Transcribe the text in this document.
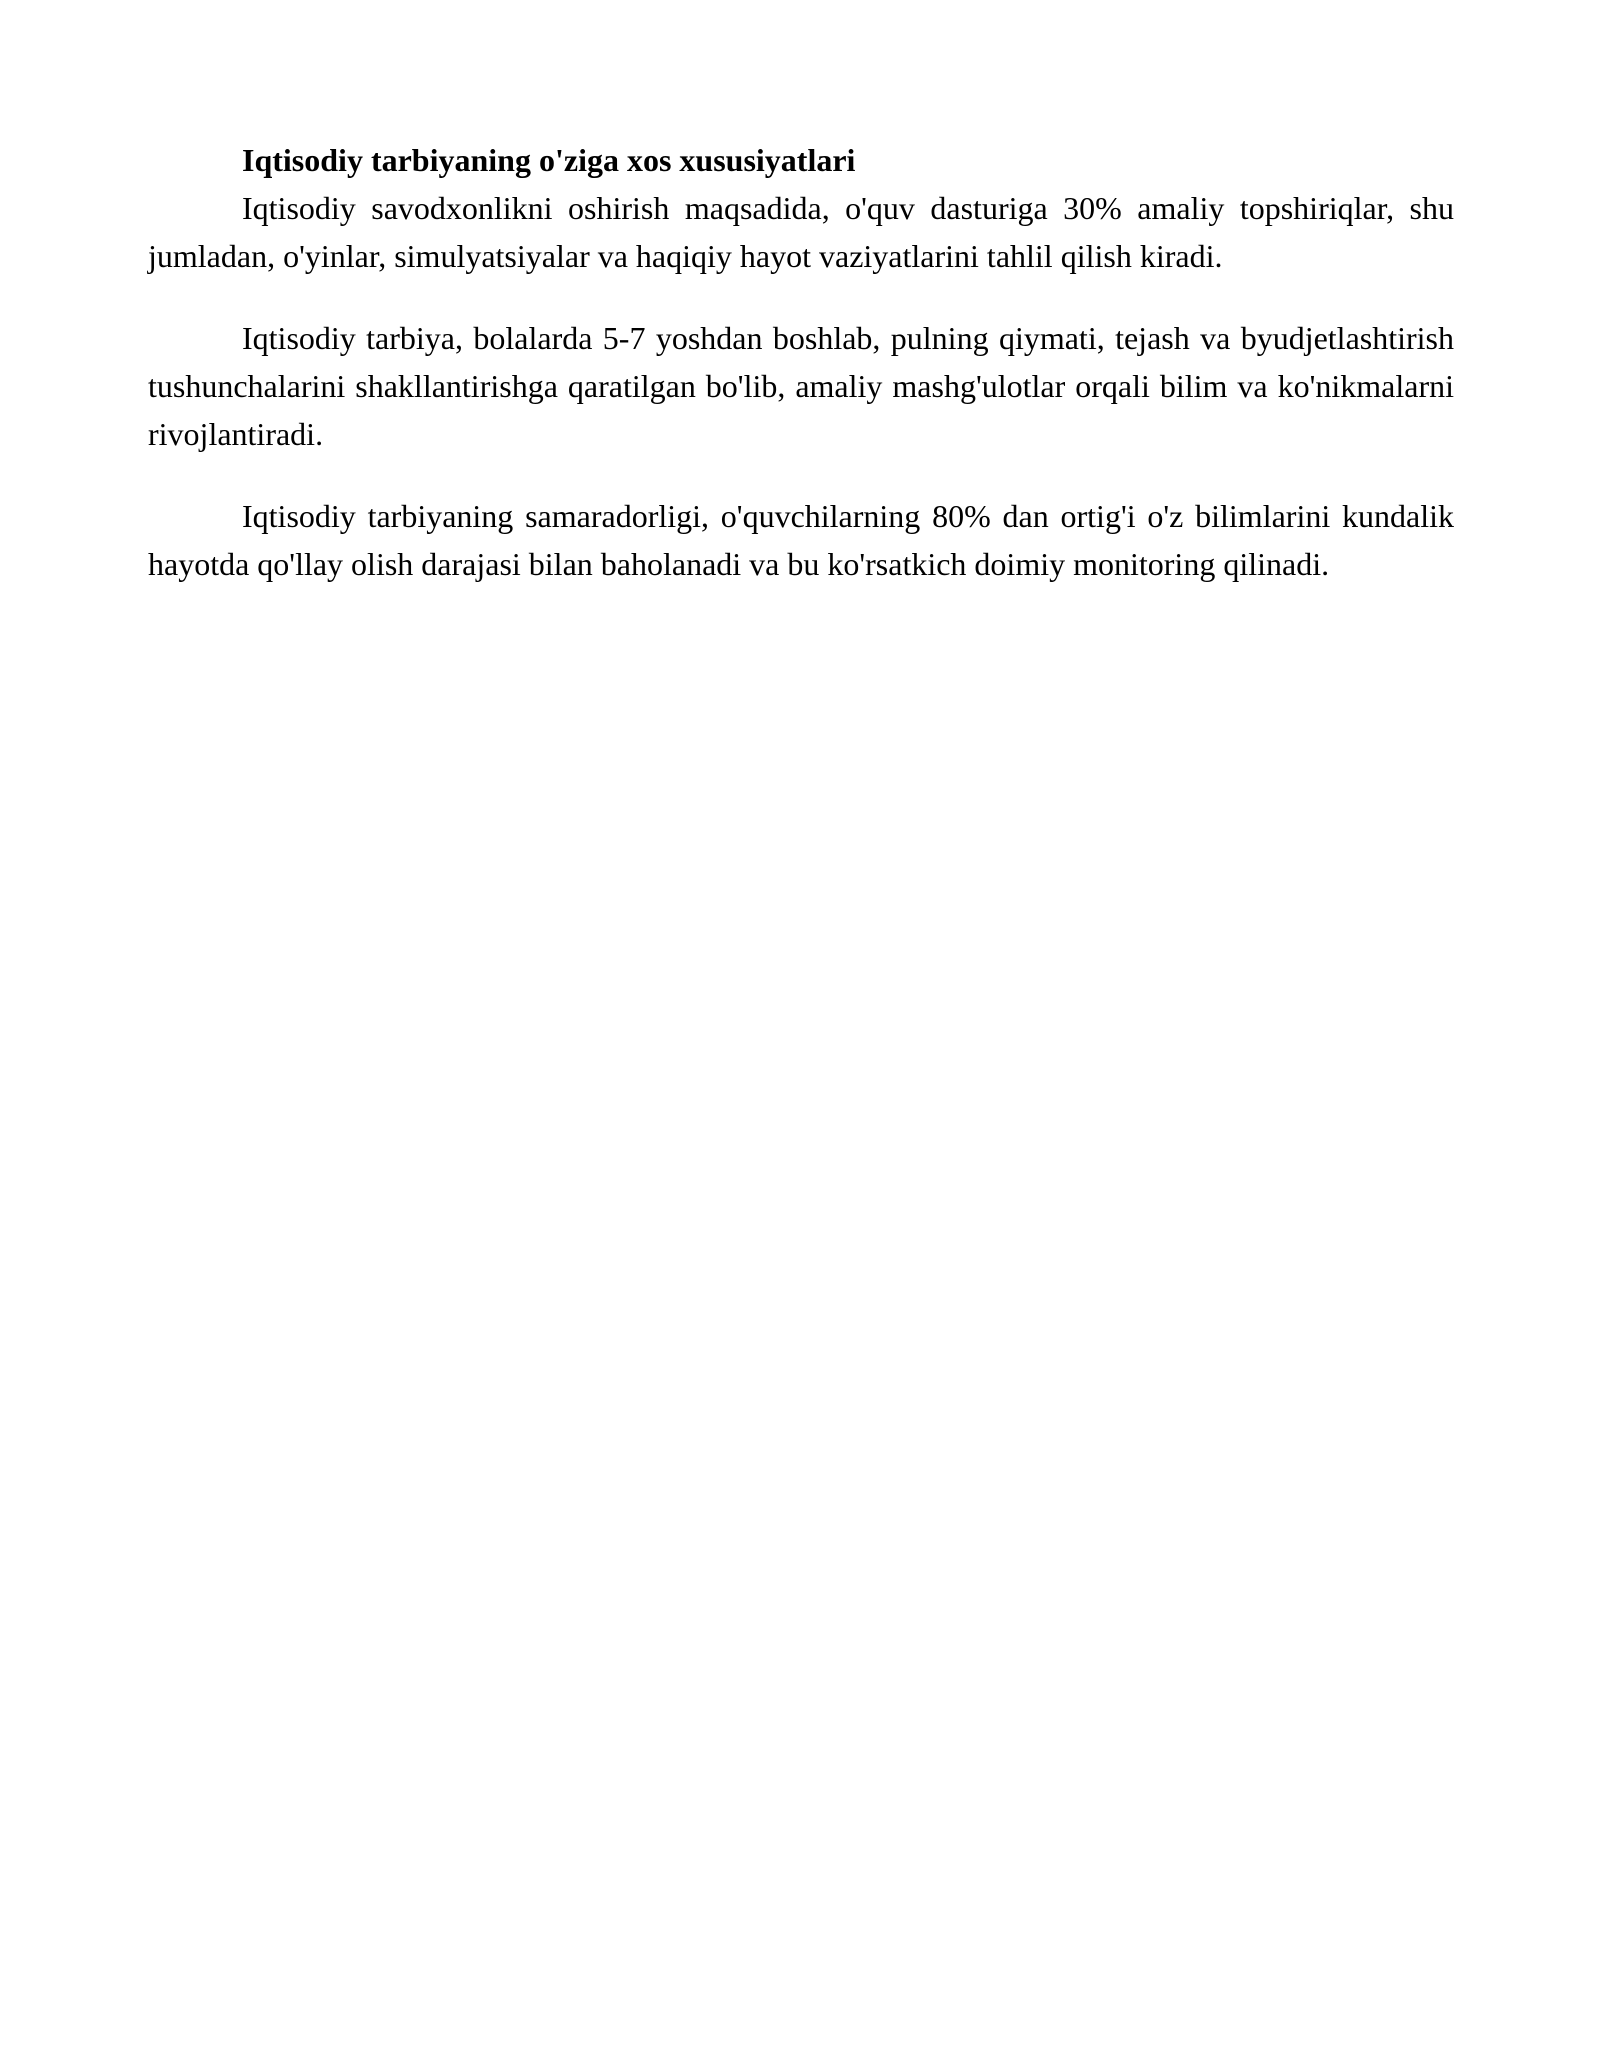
Iqtisodiy tarbiyaning o'ziga xos xususiyatlari

Iqtisodiy savodxonlikni oshirish maqsadida, o'quv dasturiga 30% amaliy topshiriqlar, shu jumladan, o'yinlar, simulyatsiyalar va haqiqiy hayot vaziyatlarini tahlil qilish kiradi.

Iqtisodiy tarbiya, bolalarda 5-7 yoshdan boshlab, pulning qiymati, tejash va byudjetlashtirish tushunchalarini shakllantirishga qaratilgan bo'lib, amaliy mashg'ulotlar orqali bilim va ko'nikmalarni rivojlantiradi.

Iqtisodiy tarbiyaning samaradorligi, o'quvchilarning 80% dan ortig'i o'z bilimlarini kundalik hayotda qo'llay olish darajasi bilan baholanadi va bu ko'rsatkich doimiy monitoring qilinadi.
